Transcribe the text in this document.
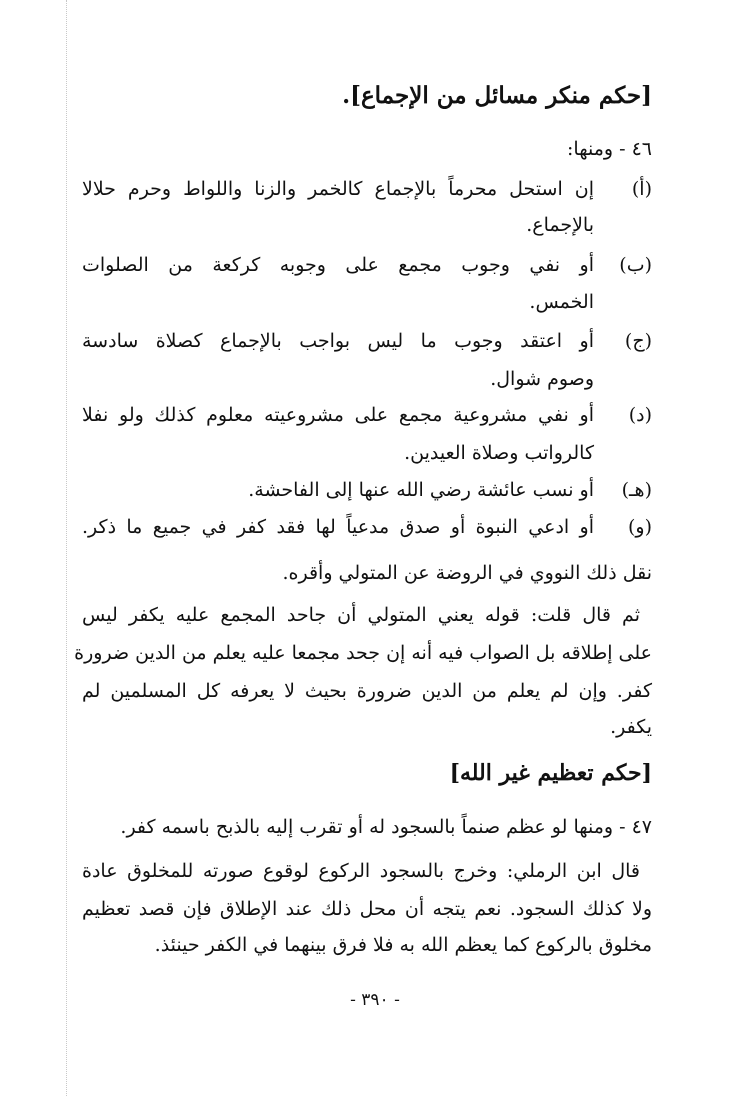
[حكم منكر مسائل من الإجماع].
٤٦ - ومنها:
(أ)
إن استحل محرماً بالإجماع كالخمر والزنا واللواط وحرم حلالا
بالإجماع.
(ب)
أو نفي وجوب مجمع على وجوبه كركعة من الصلوات
الخمس.
(ج)
أو اعتقد وجوب ما ليس بواجب بالإجماع كصلاة سادسة
وصوم شوال.
(د)
أو نفي مشروعية مجمع على مشروعيته معلوم كذلك ولو نفلا
كالرواتب وصلاة العيدين.
(هـ)
أو نسب عائشة رضي الله عنها إلى الفاحشة.
(و)
أو ادعي النبوة أو صدق مدعياً لها فقد كفر في جميع ما ذكر.
نقل ذلك النووي في الروضة عن المتولي وأقره.
ثم قال قلت: قوله يعني المتولي أن جاحد المجمع عليه يكفر ليس
على إطلاقه بل الصواب فيه أنه إن جحد مجمعا عليه يعلم من الدين ضرورة
كفر. وإن لم يعلم من الدين ضرورة بحيث لا يعرفه كل المسلمين لم
يكفر.
[حكم تعظيم غير الله]
٤٧ - ومنها لو عظم صنماً بالسجود له أو تقرب إليه بالذبح باسمه كفر.
قال ابن الرملي: وخرج بالسجود الركوع لوقوع صورته للمخلوق عادة
ولا كذلك السجود. نعم يتجه أن محل ذلك عند الإطلاق فإن قصد تعظيم
مخلوق بالركوع كما يعظم الله به فلا فرق بينهما في الكفر حينئذ.
- ٣٩٠ -
